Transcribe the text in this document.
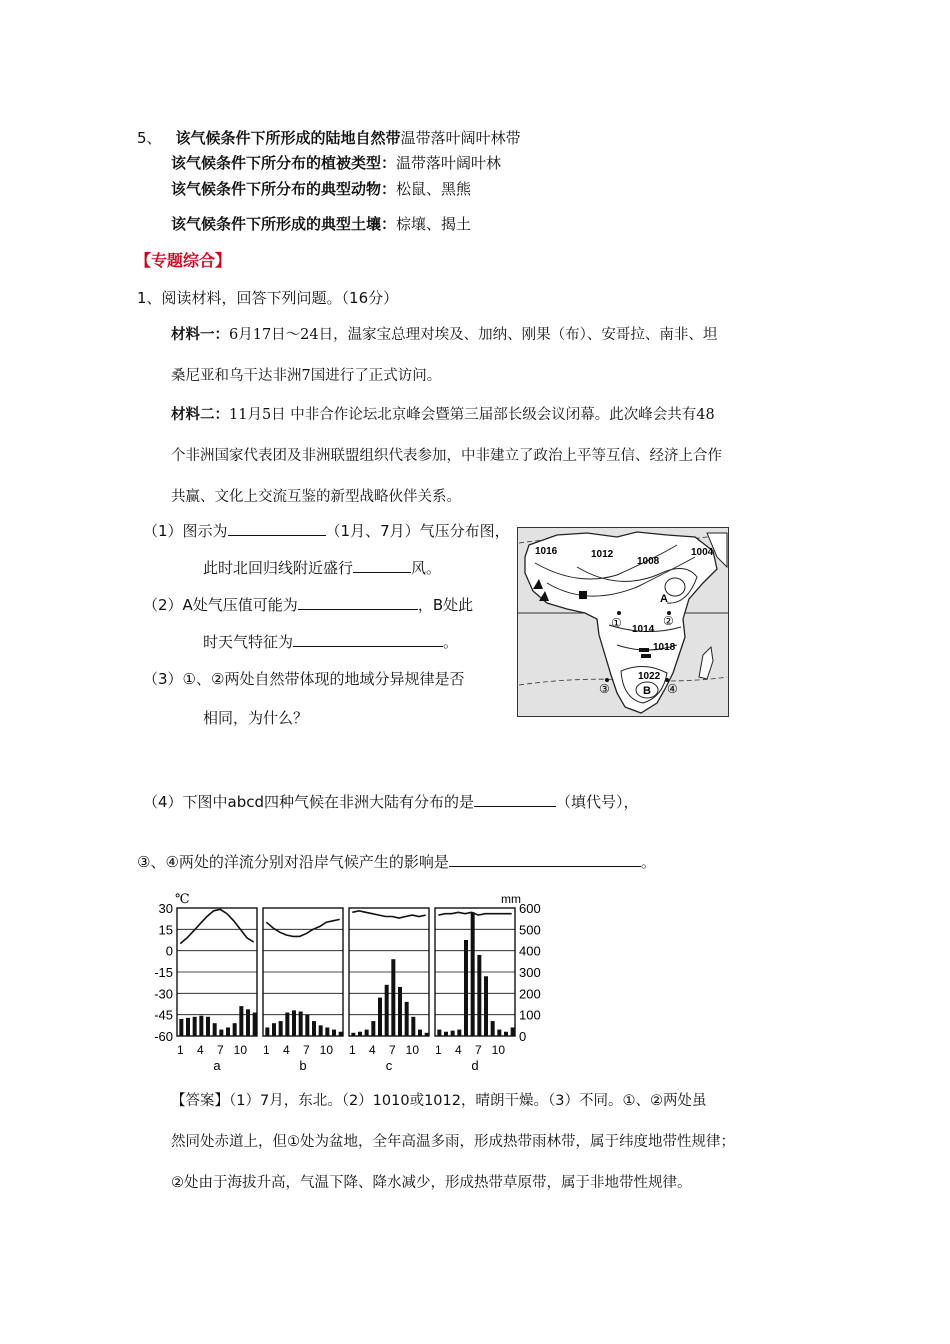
5、 该气候条件下所形成的陆地自然带温带落叶阔叶林带
该气候条件下所分布的植被类型：温带落叶阔叶林
该气候条件下所分布的典型动物：松鼠、黑熊
该气候条件下所形成的典型土壤：棕壤、揭土
【专题综合】
1、阅读材料，回答下列问题。（16分）
材料一：6月17日～24日，温家宝总理对埃及、加纳、刚果（布）、安哥拉、南非、坦
桑尼亚和乌干达非洲7国进行了正式访问。
材料二：11月5日 中非合作论坛北京峰会暨第三届部长级会议闭幕。此次峰会共有48
个非洲国家代表团及非洲联盟组织代表参加，中非建立了政治上平等互信、经济上合作
共赢、文化上交流互鉴的新型战略伙伴关系。
（1）图示为	（1月、7月）气压分布图，
此时北回归线附近盛行	风。
（2）A处气压值可能为	，B处此
时天气特征为	。
（3）①、②两处自然带体现的地域分异规律是否
相同，为什么？
（4）下图中abcd四种气候在非洲大陆有分布的是	（填代号），
③、④两处的洋流分别对沿岸气候产生的影响是	。
1016	1012
1008
1004
1014
1018
1022
A
B
①	②
③	④
℃	mm
30
15
0
-15
-30
-45
-60
600
500
400
300
200
100
0
1 4 7 10
a
1 4 7 10
b
1 4 7 10
c
1 4 7 10
d
【答案】（1）7月，东北。（2）1010或1012，晴朗干燥。（3）不同。①、②两处虽
然同处赤道上，但①处为盆地，全年高温多雨，形成热带雨林带，属于纬度地带性规律；
②处由于海拔升高，气温下降、降水减少，形成热带草原带，属于非地带性规律。
